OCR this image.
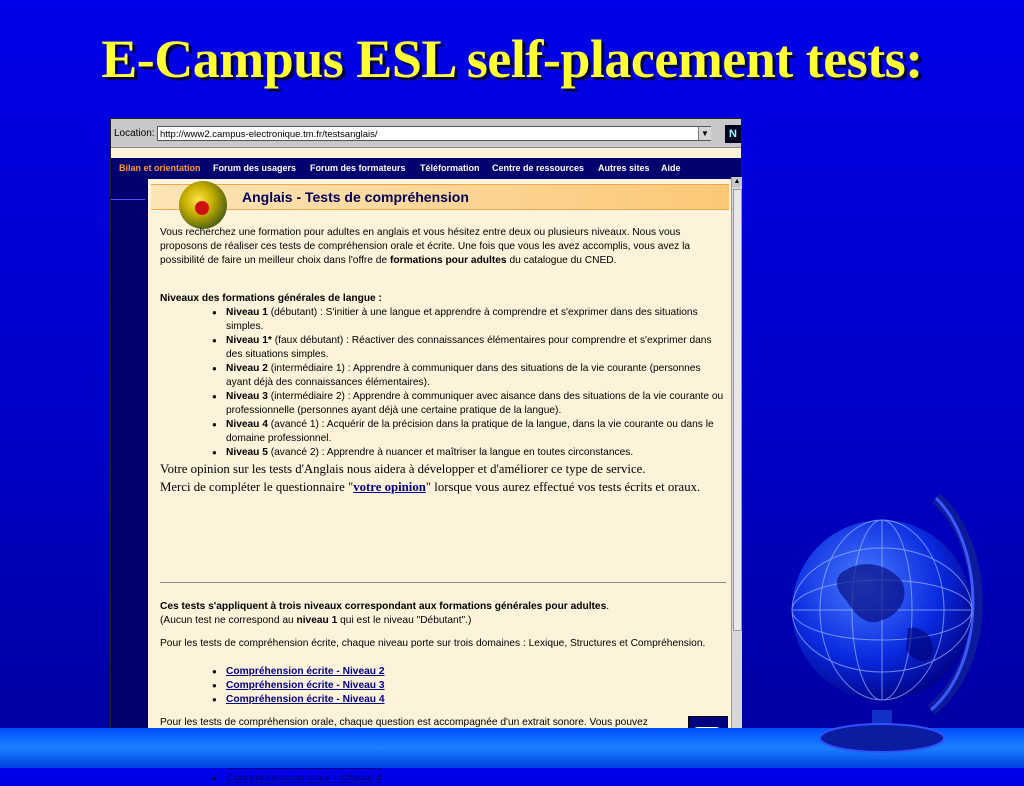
E-Campus ESL self-placement tests:
Location: http://www2.campus-electronique.tm.fr/testsanglais/	▼	N
Bilan et orientation Forum des usagers Forum des formateurs Téléformation Centre de ressources Autres sites Aide
Anglais - Tests de compréhension

Vous recherchez une formation pour adultes en anglais et vous hésitez entre deux ou plusieurs niveaux. Nous vous proposons de réaliser ces tests de compréhension orale et écrite. Une fois que vous les avez accomplis, vous avez la possibilité de faire un meilleur choix dans l'offre de formations pour adultes du catalogue du CNED.

Niveaux des formations générales de langue :

● Niveau 1 (débutant) : S'initier à une langue et apprendre à comprendre et s'exprimer dans des situations simples.
● Niveau 1* (faux débutant) : Réactiver des connaissances élémentaires pour comprendre et s'exprimer dans des situations simples.
● Niveau 2 (intermédiaire 1) : Apprendre à communiquer dans des situations de la vie courante (personnes ayant déjà des connaissances élémentaires).
● Niveau 3 (intermédiaire 2) : Apprendre à communiquer avec aisance dans des situations de la vie courante ou professionnelle (personnes ayant déjà une certaine pratique de la langue).
● Niveau 4 (avancé 1) : Acquérir de la précision dans la pratique de la langue, dans la vie courante ou dans le domaine professionnel.
● Niveau 5 (avancé 2) : Apprendre à nuancer et maîtriser la langue en toutes circonstances.

Votre opinion sur les tests d'Anglais nous aidera à développer et d'améliorer ce type de service.
Merci de compléter le questionnaire "votre opinion" lorsque vous aurez effectué vos tests écrits et oraux.

Ces tests s'appliquent à trois niveaux correspondant aux formations générales pour adultes.
(Aucun test ne correspond au niveau 1 qui est le niveau "Débutant".)

Pour les tests de compréhension écrite, chaque niveau porte sur trois domaines : Lexique, Structures et Compréhension.

● Compréhension écrite - Niveau 2
● Compréhension écrite - Niveau 3
● Compréhension écrite - Niveau 4

Pour les tests de compréhension orale, chaque question est accompagnée d'un extrait sonore. Vous pouvez

●
●
● Compréhension orale - Niveau 4
▲
